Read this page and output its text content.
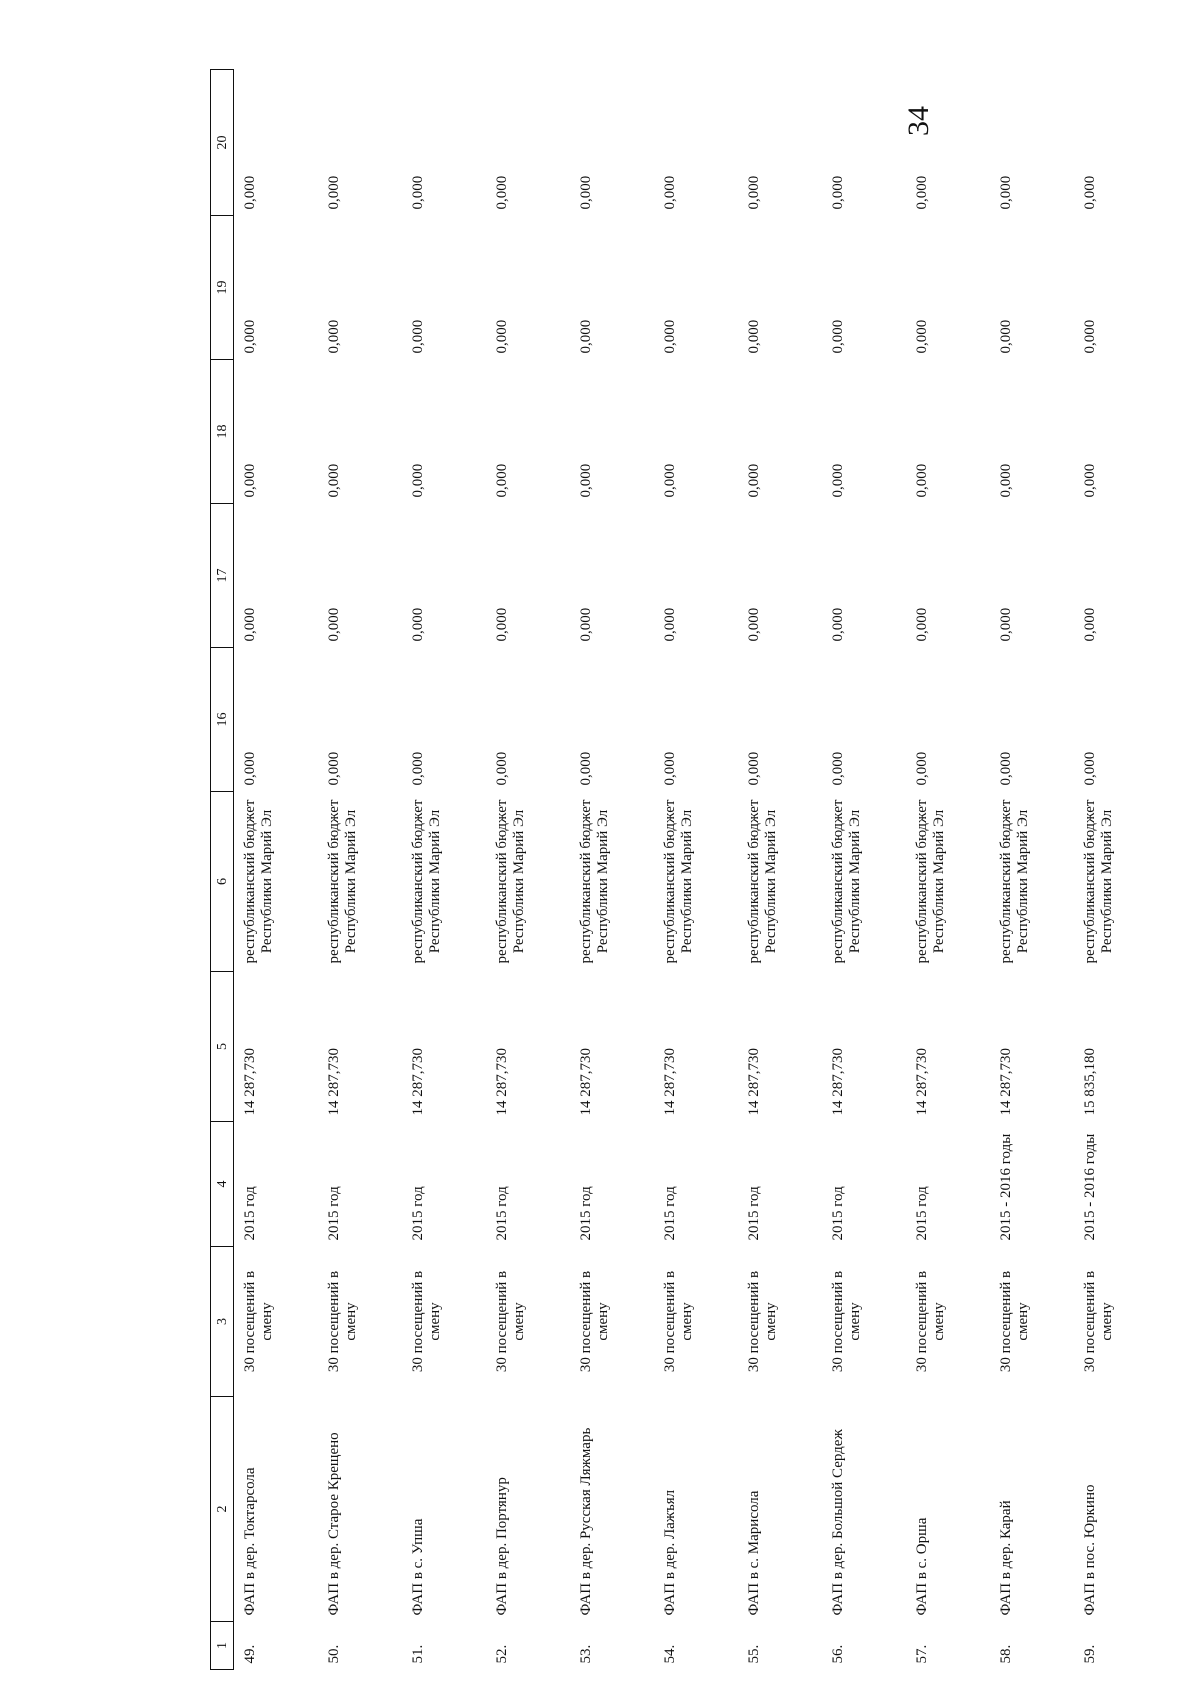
34
1	2	3	4	5	6	16	17	18	19	20
49.	ФАП в дер. Токтарсола	30 посещений в смену	2015 год	14 287,730	республиканский бюджет Республики Марий Эл	0,000	0,000	0,000	0,000	0,000
50.	ФАП в дер. Старое Крещено	30 посещений в смену	2015 год	14 287,730	республиканский бюджет Республики Марий Эл	0,000	0,000	0,000	0,000	0,000
51.	ФАП в с. Упша	30 посещений в смену	2015 год	14 287,730	республиканский бюджет Республики Марий Эл	0,000	0,000	0,000	0,000	0,000
52.	ФАП в дер. Портянур	30 посещений в смену	2015 год	14 287,730	республиканский бюджет Республики Марий Эл	0,000	0,000	0,000	0,000	0,000
53.	ФАП в дер. Русская Ляжмарь	30 посещений в смену	2015 год	14 287,730	республиканский бюджет Республики Марий Эл	0,000	0,000	0,000	0,000	0,000
54.	ФАП в дер. Лажъял	30 посещений в смену	2015 год	14 287,730	республиканский бюджет Республики Марий Эл	0,000	0,000	0,000	0,000	0,000
55.	ФАП в с. Марисола	30 посещений в смену	2015 год	14 287,730	республиканский бюджет Республики Марий Эл	0,000	0,000	0,000	0,000	0,000
56.	ФАП в дер. Большой Сердеж	30 посещений в смену	2015 год	14 287,730	республиканский бюджет Республики Марий Эл	0,000	0,000	0,000	0,000	0,000
57.	ФАП в с. Орша	30 посещений в смену	2015 год	14 287,730	республиканский бюджет Республики Марий Эл	0,000	0,000	0,000	0,000	0,000
58.	ФАП в дер. Карай	30 посещений в смену	2015 - 2016 годы	14 287,730	республиканский бюджет Республики Марий Эл	0,000	0,000	0,000	0,000	0,000
59.	ФАП в пос. Юркино	30 посещений в смену	2015 - 2016 годы	15 835,180	республиканский бюджет Республики Марий Эл	0,000	0,000	0,000	0,000	0,000
